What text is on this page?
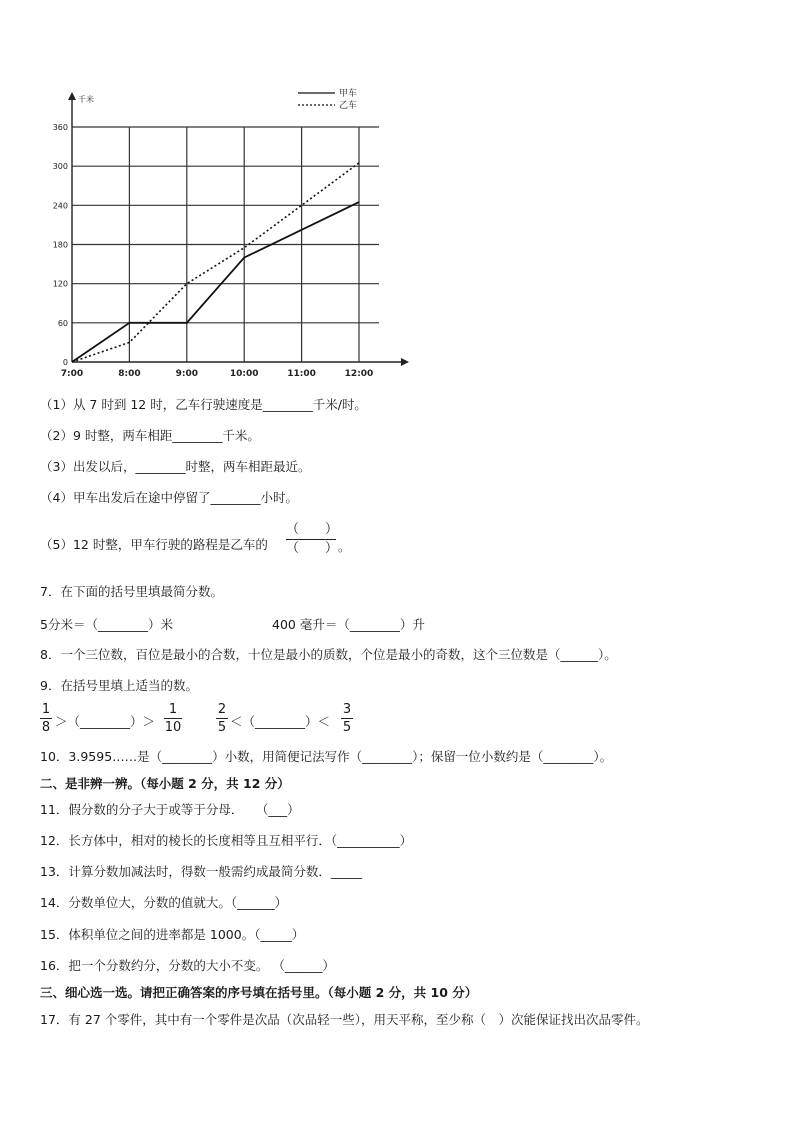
60
120
180
240
300
360
0
7:00	8:00	9:00	10:00	11:00	12:00
千米
甲车
乙车
（1）从 7 时到 12 时，乙车行驶速度是________千米/时。
（2）9 时整，两车相距________千米。
（3）出发以后，________时整，两车相距最近。
（4）甲车出发后在途中停留了________小时。
（5）12 时整，甲车行驶的路程是乙车的
（　　）

（　　） 。
7．在下面的括号里填最简分数。
5分米＝（________）米	400 毫升＝（________）升
8．一个三位数，百位是最小的合数，十位是最小的质数，个位是最小的奇数，这个三位数是（______）。
9．在括号里填上适当的数。
1
8 ＞（________）＞
1
10
2
5 ＜（________）＜
3
5
10．3.9595……是（________）小数，用简便记法写作（________）；保留一位小数约是（________）。
二、是非辨一辨。（每小题 2 分，共 12 分）
11．假分数的分子大于或等于分母．　　（___）
12．长方体中，相对的棱长的长度相等且互相平行．（__________）
13．计算分数加减法时，得数一般需约成最简分数．_____
14．分数单位大，分数的值就大。（______）
15．体积单位之间的进率都是 1000。（_____）
16．把一个分数约分，分数的大小不变。 （______）
三、细心选一选。请把正确答案的序号填在括号里。（每小题 2 分，共 10 分）
17．有 27 个零件，其中有一个零件是次品（次品轻一些），用天平称，至少称（　）次能保证找出次品零件。
